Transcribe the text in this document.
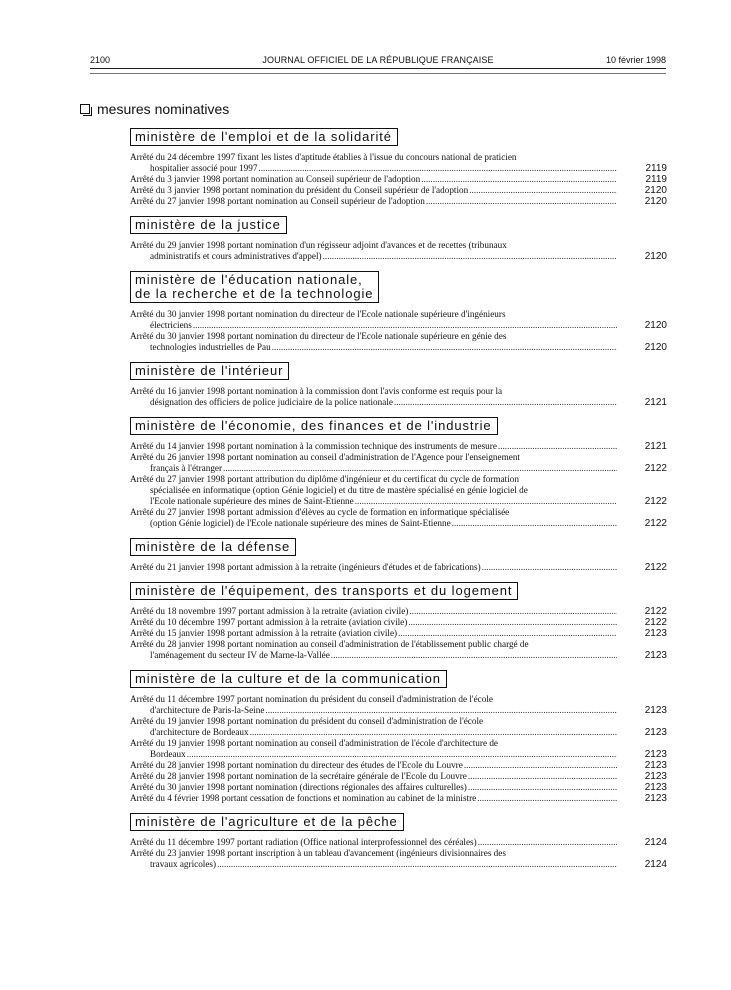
2100	JOURNAL OFFICIEL DE LA RÉPUBLIQUE FRANÇAISE	10 février 1998
mesures nominatives
ministère de l'emploi et de la solidarité
Arrêté du 24 décembre 1997 fixant les listes d'aptitude établies à l'issue du concours national de praticien
hospitalier associé pour 1997 .....	2119
Arrêté du 3 janvier 1998 portant nomination au Conseil supérieur de l'adoption .....	2119
Arrêté du 3 janvier 1998 portant nomination du président du Conseil supérieur de l'adoption .....	2120
Arrêté du 27 janvier 1998 portant nomination au Conseil supérieur de l'adoption .....	2120
ministère de la justice
Arrêté du 29 janvier 1998 portant nomination d'un régisseur adjoint d'avances et de recettes (tribunaux
administratifs et cours administratives d'appel) .....	2120
ministère de l'éducation nationale,
de la recherche et de la technologie
Arrêté du 30 janvier 1998 portant nomination du directeur de l'Ecole nationale supérieure d'ingénieurs
électriciens .....	2120
Arrêté du 30 janvier 1998 portant nomination du directeur de l'Ecole nationale supérieure en génie des
technologies industrielles de Pau .....	2120
ministère de l'intérieur
Arrêté du 16 janvier 1998 portant nomination à la commission dont l'avis conforme est requis pour la
désignation des officiers de police judiciaire de la police nationale .....	2121
ministère de l'économie, des finances et de l'industrie
Arrêté du 14 janvier 1998 portant nomination à la commission technique des instruments de mesure .....	2121
Arrêté du 26 janvier 1998 portant nomination au conseil d'administration de l'Agence pour l'enseignement
français à l'étranger .....	2122
Arrêté du 27 janvier 1998 portant attribution du diplôme d'ingénieur et du certificat du cycle de formation
spécialisée en informatique (option Génie logiciel) et du titre de mastère spécialisé en génie logiciel de
l'Ecole nationale supérieure des mines de Saint-Etienne .....	2122
Arrêté du 27 janvier 1998 portant admission d'élèves au cycle de formation en informatique spécialisée
(option Génie logiciel) de l'Ecole nationale supérieure des mines de Saint-Etienne .....	2122
ministère de la défense
Arrêté du 21 janvier 1998 portant admission à la retraite (ingénieurs d'études et de fabrications) .....	2122
ministère de l'équipement, des transports et du logement
Arrêté du 18 novembre 1997 portant admission à la retraite (aviation civile) .....	2122
Arrêté du 10 décembre 1997 portant admission à la retraite (aviation civile) .....	2122
Arrêté du 15 janvier 1998 portant admission à la retraite (aviation civile) .....	2123
Arrêté du 28 janvier 1998 portant nomination au conseil d'administration de l'établissement public chargé de
l'aménagement du secteur IV de Marne-la-Vallée .....	2123
ministère de la culture et de la communication
Arrêté du 11 décembre 1997 portant nomination du président du conseil d'administration de l'école
d'architecture de Paris-la-Seine .....	2123
Arrêté du 19 janvier 1998 portant nomination du président du conseil d'administration de l'école
d'architecture de Bordeaux .....	2123
Arrêté du 19 janvier 1998 portant nomination au conseil d'administration de l'école d'architecture de
Bordeaux .....	2123
Arrêté du 28 janvier 1998 portant nomination du directeur des études de l'Ecole du Louvre .....	2123
Arrêté du 28 janvier 1998 portant nomination de la secrétaire générale de l'Ecole du Louvre .....	2123
Arrêté du 30 janvier 1998 portant nomination (directions régionales des affaires culturelles) .....	2123
Arrêté du 4 février 1998 portant cessation de fonctions et nomination au cabinet de la ministre .....	2123
ministère de l'agriculture et de la pêche
Arrêté du 11 décembre 1997 portant radiation (Office national interprofessionnel des céréales) .....	2124
Arrêté du 23 janvier 1998 portant inscription à un tableau d'avancement (ingénieurs divisionnaires des
travaux agricoles) .....	2124
